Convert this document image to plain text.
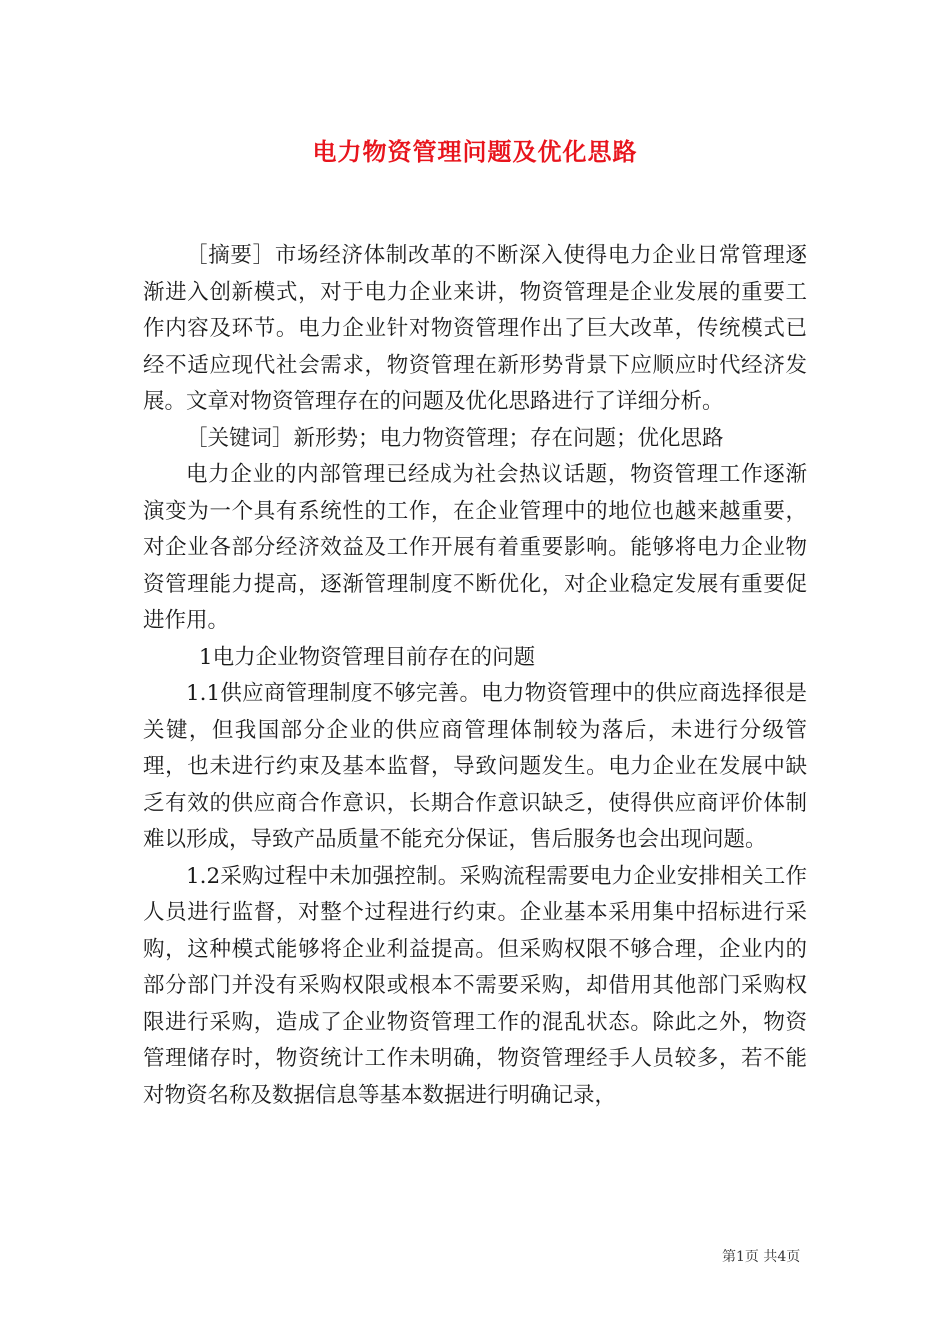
电力物资管理问题及优化思路

［摘要］市场经济体制改革的不断深入使得电力企业日常管理逐渐进入创新模式，对于电力企业来讲，物资管理是企业发展的重要工作内容及环节。电力企业针对物资管理作出了巨大改革，传统模式已经不适应现代社会需求，物资管理在新形势背景下应顺应时代经济发展。文章对物资管理存在的问题及优化思路进行了详细分析。

［关键词］新形势；电力物资管理；存在问题；优化思路

电力企业的内部管理已经成为社会热议话题，物资管理工作逐渐演变为一个具有系统性的工作，在企业管理中的地位也越来越重要，对企业各部分经济效益及工作开展有着重要影响。能够将电力企业物资管理能力提高，逐渐管理制度不断优化，对企业稳定发展有重要促进作用。

1电力企业物资管理目前存在的问题

1.1供应商管理制度不够完善。电力物资管理中的供应商选择很是关键，但我国部分企业的供应商管理体制较为落后，未进行分级管理，也未进行约束及基本监督，导致问题发生。电力企业在发展中缺乏有效的供应商合作意识，长期合作意识缺乏，使得供应商评价体制难以形成，导致产品质量不能充分保证，售后服务也会出现问题。

1.2采购过程中未加强控制。采购流程需要电力企业安排相关工作人员进行监督，对整个过程进行约束。企业基本采用集中招标进行采购，这种模式能够将企业利益提高。但采购权限不够合理，企业内的部分部门并没有采购权限或根本不需要采购，却借用其他部门采购权限进行采购，造成了企业物资管理工作的混乱状态。除此之外，物资管理储存时，物资统计工作未明确，物资管理经手人员较多，若不能对物资名称及数据信息等基本数据进行明确记录，

第1页 共4页
